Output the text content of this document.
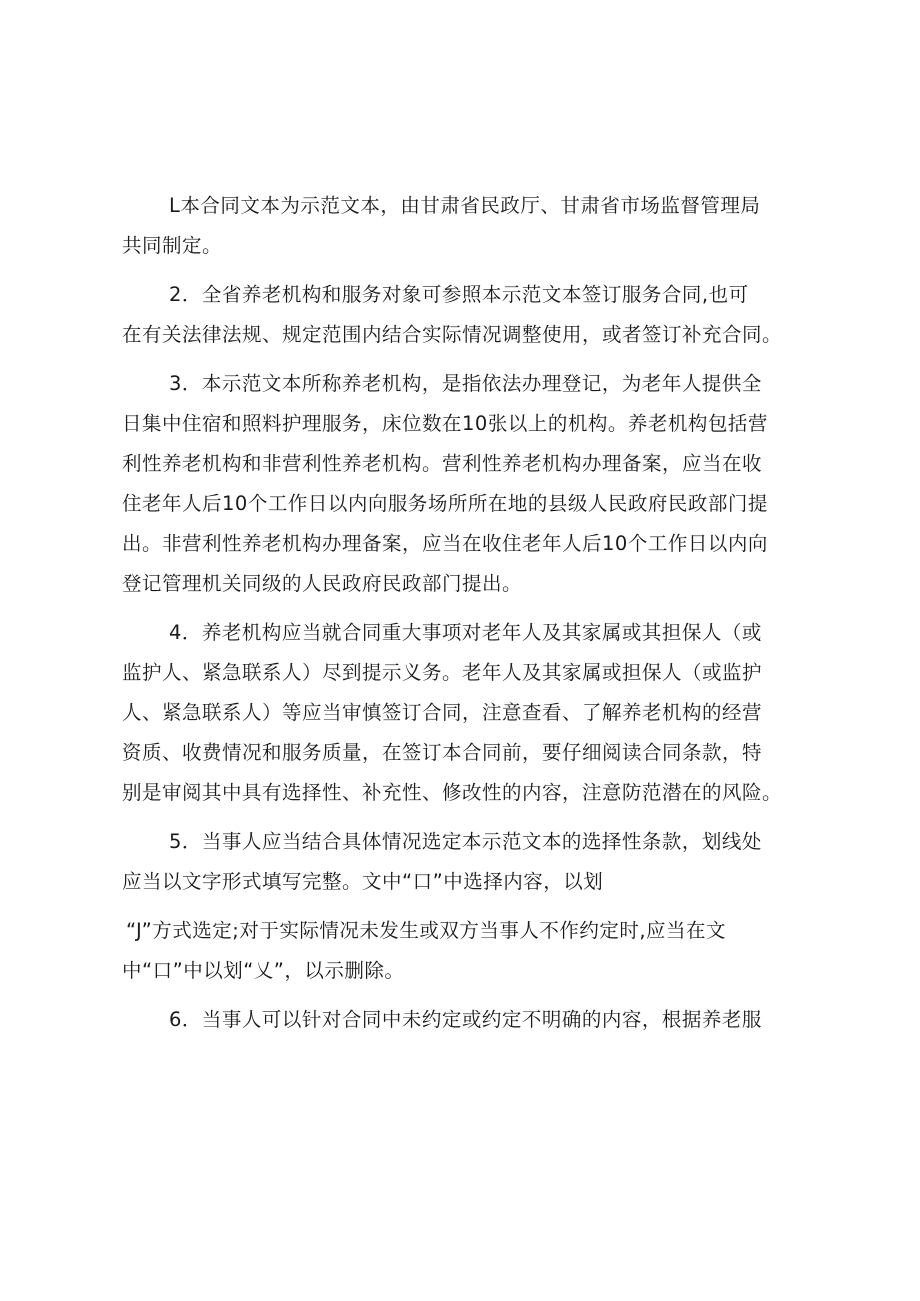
L本合同文本为示范文本，由甘肃省民政厅、甘肃省市场监督管理局
共同制定。
2．全省养老机构和服务对象可参照本示范文本签订服务合同,也可
在有关法律法规、规定范围内结合实际情况调整使用，或者签订补充合同。
3．本示范文本所称养老机构，是指依法办理登记，为老年人提供全
日集中住宿和照料护理服务，床位数在10张以上的机构。养老机构包括营
利性养老机构和非营利性养老机构。营利性养老机构办理备案，应当在收
住老年人后10个工作日以内向服务场所所在地的县级人民政府民政部门提
出。非营利性养老机构办理备案，应当在收住老年人后10个工作日以内向
登记管理机关同级的人民政府民政部门提出。
4．养老机构应当就合同重大事项对老年人及其家属或其担保人（或
监护人、紧急联系人）尽到提示义务。老年人及其家属或担保人（或监护
人、紧急联系人）等应当审慎签订合同，注意查看、了解养老机构的经营
资质、收费情况和服务质量，在签订本合同前，要仔细阅读合同条款，特
别是审阅其中具有选择性、补充性、修改性的内容，注意防范潜在的风险。
5．当事人应当结合具体情况选定本示范文本的选择性条款，划线处
应当以文字形式填写完整。文中“口”中选择内容，以划
“J”方式选定;对于实际情况未发生或双方当事人不作约定时,应当在文
中“口”中以划“乂”，以示删除。
6．当事人可以针对合同中未约定或约定不明确的内容，根据养老服
